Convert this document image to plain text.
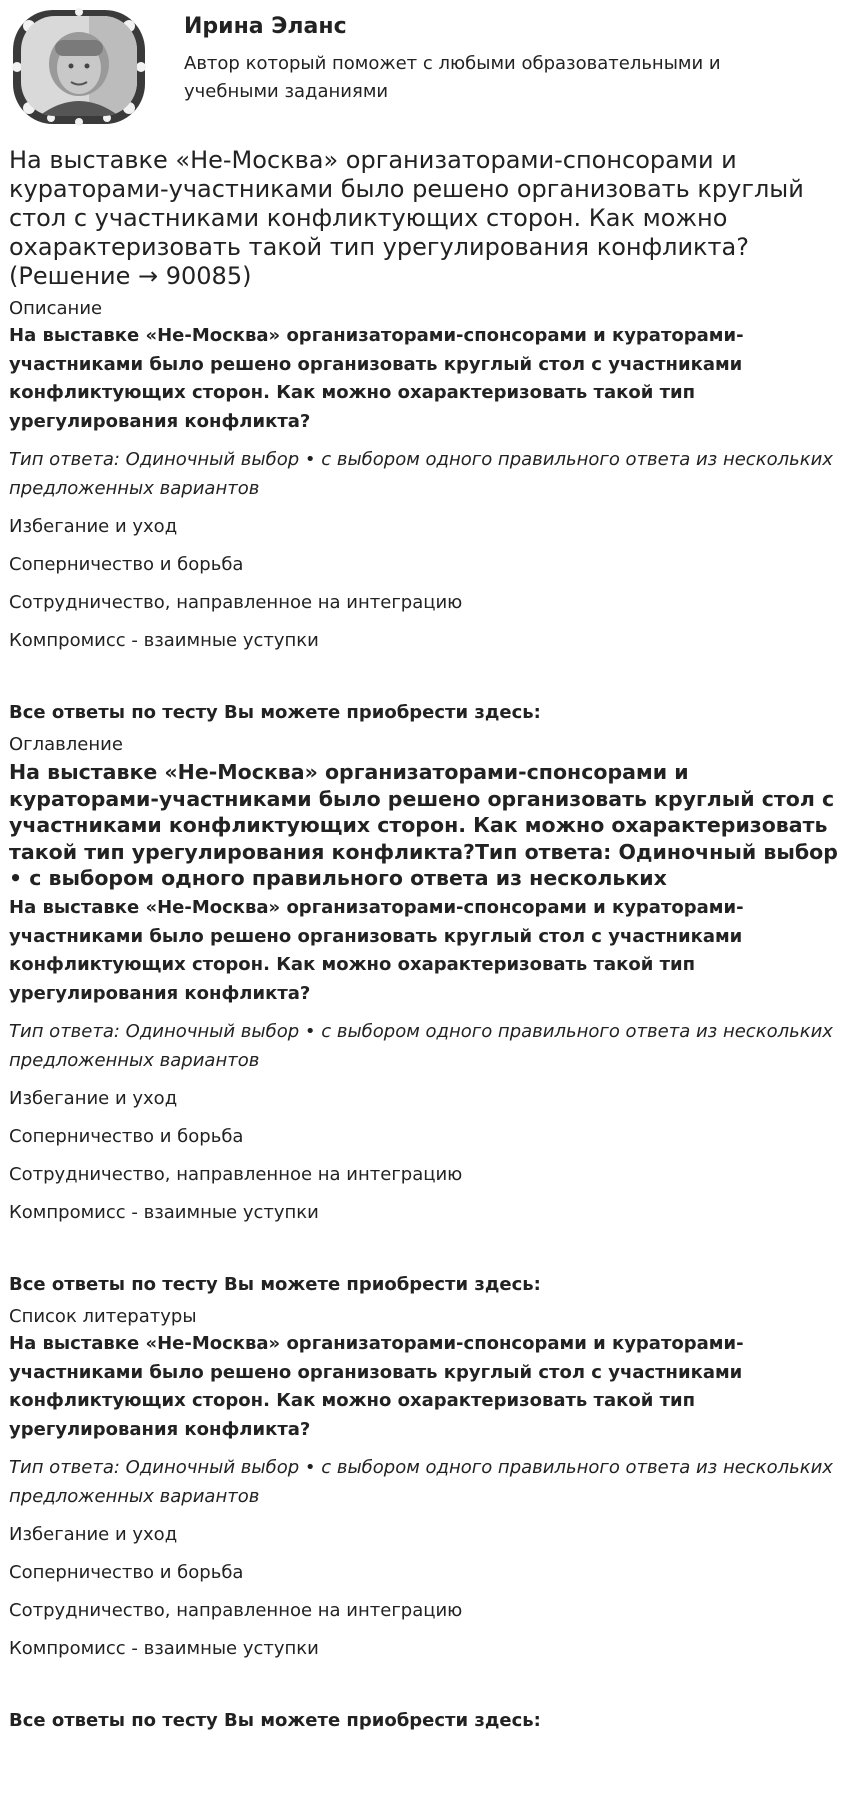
Ирина Эланс
Автор который поможет с любыми образовательными и учебными заданиями
На выставке «Не-Москва» организаторами-спонсорами и кураторами-участниками было решено организовать круглый стол с участниками конфликтующих сторон. Как можно охарактеризовать такой тип урегулирования конфликта? (Решение → 90085)
Описание
На выставке «Не-Москва» организаторами-спонсорами и кураторами-участниками было решено организовать круглый стол с участниками конфликтующих сторон. Как можно охарактеризовать такой тип урегулирования конфликта?
Тип ответа: Одиночный выбор • с выбором одного правильного ответа из нескольких предложенных вариантов
Избегание и уход
Соперничество и борьба
Сотрудничество, направленное на интеграцию
Компромисс - взаимные уступки
Все ответы по тесту Вы можете приобрести здесь:
Оглавление
На выставке «Не-Москва» организаторами-спонсорами и кураторами-участниками было решено организовать круглый стол с участниками конфликтующих сторон. Как можно охарактеризовать такой тип урегулирования конфликта?Тип ответа: Одиночный выбор • с выбором одного правильного ответа из нескольких
На выставке «Не-Москва» организаторами-спонсорами и кураторами-участниками было решено организовать круглый стол с участниками конфликтующих сторон. Как можно охарактеризовать такой тип урегулирования конфликта?
Тип ответа: Одиночный выбор • с выбором одного правильного ответа из нескольких предложенных вариантов
Избегание и уход
Соперничество и борьба
Сотрудничество, направленное на интеграцию
Компромисс - взаимные уступки
Все ответы по тесту Вы можете приобрести здесь:
Список литературы
На выставке «Не-Москва» организаторами-спонсорами и кураторами-участниками было решено организовать круглый стол с участниками конфликтующих сторон. Как можно охарактеризовать такой тип урегулирования конфликта?
Тип ответа: Одиночный выбор • с выбором одного правильного ответа из нескольких предложенных вариантов
Избегание и уход
Соперничество и борьба
Сотрудничество, направленное на интеграцию
Компромисс - взаимные уступки
Все ответы по тесту Вы можете приобрести здесь:
